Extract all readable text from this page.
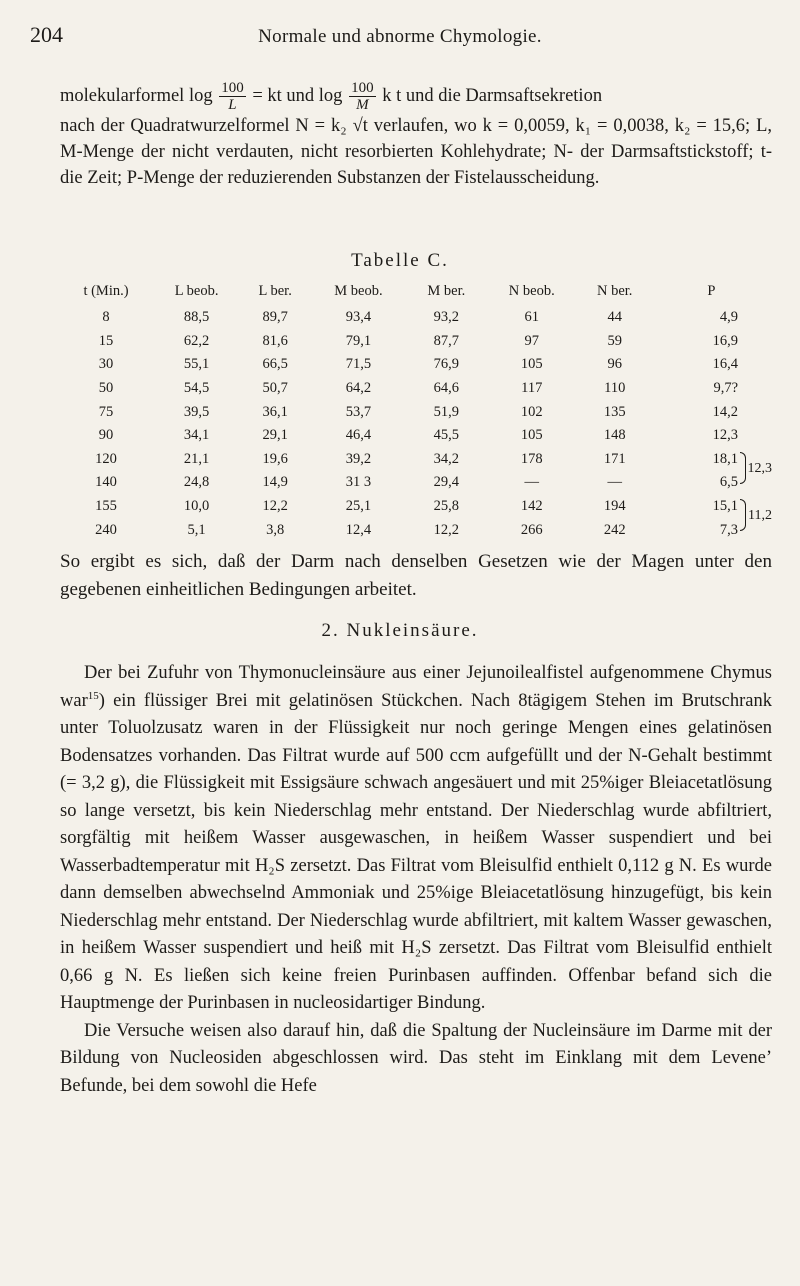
204	Normale und abnorme Chymologie.

molekularformel $\log \frac{100}{L}$ = kt und $\log \frac{100}{M}$ k t und die Darmsaftsekretion

nach der Quadratwurzelformel N = k₂ √t verlaufen, wo k = 0,0059, k₁ = 0,0038, k₂ = 15,6; L, M-Menge der nicht verdauten, nicht resorbierten Kohlehydrate; N- der Darmsaftstickstoff; t- die Zeit; P-Menge der reduzierenden Substanzen der Fistelausscheidung.

Tabelle C.
t (Min.)	L beob.	L ber.	M beob.	M ber.	N beob.	N ber.	P
8	88,5	89,7	93,4	93,2	61	44	4,9
15	62,2	81,6	79,1	87,7	97	59	16,9
30	55,1	66,5	71,5	76,9	105	96	16,4
50	54,5	50,7	64,2	64,6	117	110	9,7?
75	39,5	36,1	53,7	51,9	102	135	14,2
90	34,1	29,1	46,4	45,5	105	148	12,3
120	21,1	19,6	39,2	34,2	178	171	18,1
12,3

140	24,8	14,9	31 3	29,4	—	—	6,5
155	10,0	12,2	25,1	25,8	142	194	15,1
11,2

240	5,1	3,8	12,4	12,2	266	242	7,3

So ergibt es sich, daß der Darm nach denselben Gesetzen wie der Magen unter den gegebenen einheitlichen Bedingungen arbeitet.

2. Nukleinsäure.

Der bei Zufuhr von Thymonucleinsäure aus einer Jejunoilealfistel aufgenommene Chymus war$^{15}$) ein flüssiger Brei mit gelatinösen Stückchen. Nach 8tägigem Stehen im Brutschrank unter Toluolzusatz waren in der Flüssigkeit nur noch geringe Mengen eines gelatinösen Bodensatzes vorhanden. Das Filtrat wurde auf 500 ccm aufgefüllt und der N-Gehalt bestimmt (= 3,2 g), die Flüssigkeit mit Essigsäure schwach angesäuert und mit 25%iger Bleiacetatlösung so lange versetzt, bis kein Niederschlag mehr entstand. Der Niederschlag wurde abfiltriert, sorgfältig mit heißem Wasser ausgewaschen, in heißem Wasser suspendiert und bei Wasserbadtemperatur mit H₂S zersetzt. Das Filtrat vom Bleisulfid enthielt 0,112 g N. Es wurde dann demselben abwechselnd Ammoniak und 25%ige Bleiacetatlösung hinzugefügt, bis kein Niederschlag mehr entstand. Der Niederschlag wurde abfiltriert, mit kaltem Wasser gewaschen, in heißem Wasser suspendiert und heiß mit H₂S zersetzt. Das Filtrat vom Bleisulfid enthielt 0,66 g N. Es ließen sich keine freien Purinbasen auffinden. Offenbar befand sich die Hauptmenge der Purinbasen in nucleosidartiger Bindung.

Die Versuche weisen also darauf hin, daß die Spaltung der Nucleinsäure im Darme mit der Bildung von Nucleosiden abgeschlossen wird. Das steht im Einklang mit dem Levene’ Befunde, bei dem sowohl die Hefe
